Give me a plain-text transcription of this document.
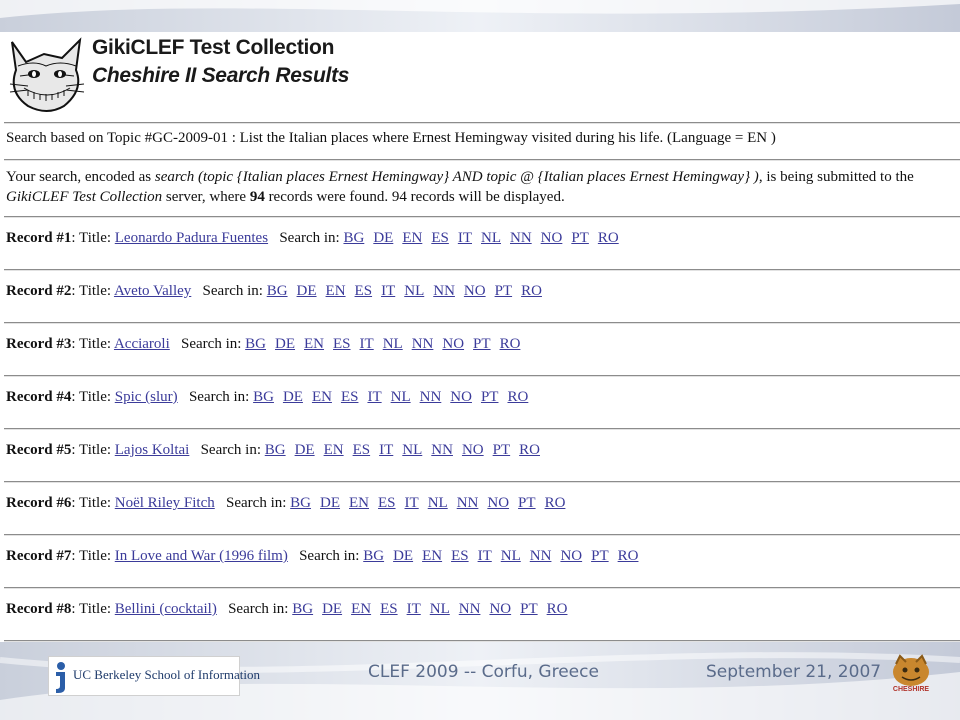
GikiCLEF Test Collection
Cheshire II Search Results
Search based on Topic #GC-2009-01 : List the Italian places where Ernest Hemingway visited during his life. (Language = EN )
Your search, encoded as search (topic {Italian places Ernest Hemingway} AND topic @ {Italian places Ernest Hemingway} ), is being submitted to the
GikiCLEF Test Collection server, where 94 records were found. 94 records will be displayed.
Record #1: Title: Leonardo Padura Fuentes Search in: BG DE EN ES IT NL NN NO PT RO
Record #2: Title: Aveto Valley Search in: BG DE EN ES IT NL NN NO PT RO
Record #3: Title: Acciaroli Search in: BG DE EN ES IT NL NN NO PT RO
Record #4: Title: Spic (slur) Search in: BG DE EN ES IT NL NN NO PT RO
Record #5: Title: Lajos Koltai Search in: BG DE EN ES IT NL NN NO PT RO
Record #6: Title: Noël Riley Fitch Search in: BG DE EN ES IT NL NN NO PT RO
Record #7: Title: In Love and War (1996 film) Search in: BG DE EN ES IT NL NN NO PT RO
Record #8: Title: Bellini (cocktail) Search in: BG DE EN ES IT NL NN NO PT RO
UC Berkeley School of Information	CLEF 2009 -- Corfu, Greece	September 21, 2007
CHESHIRE
